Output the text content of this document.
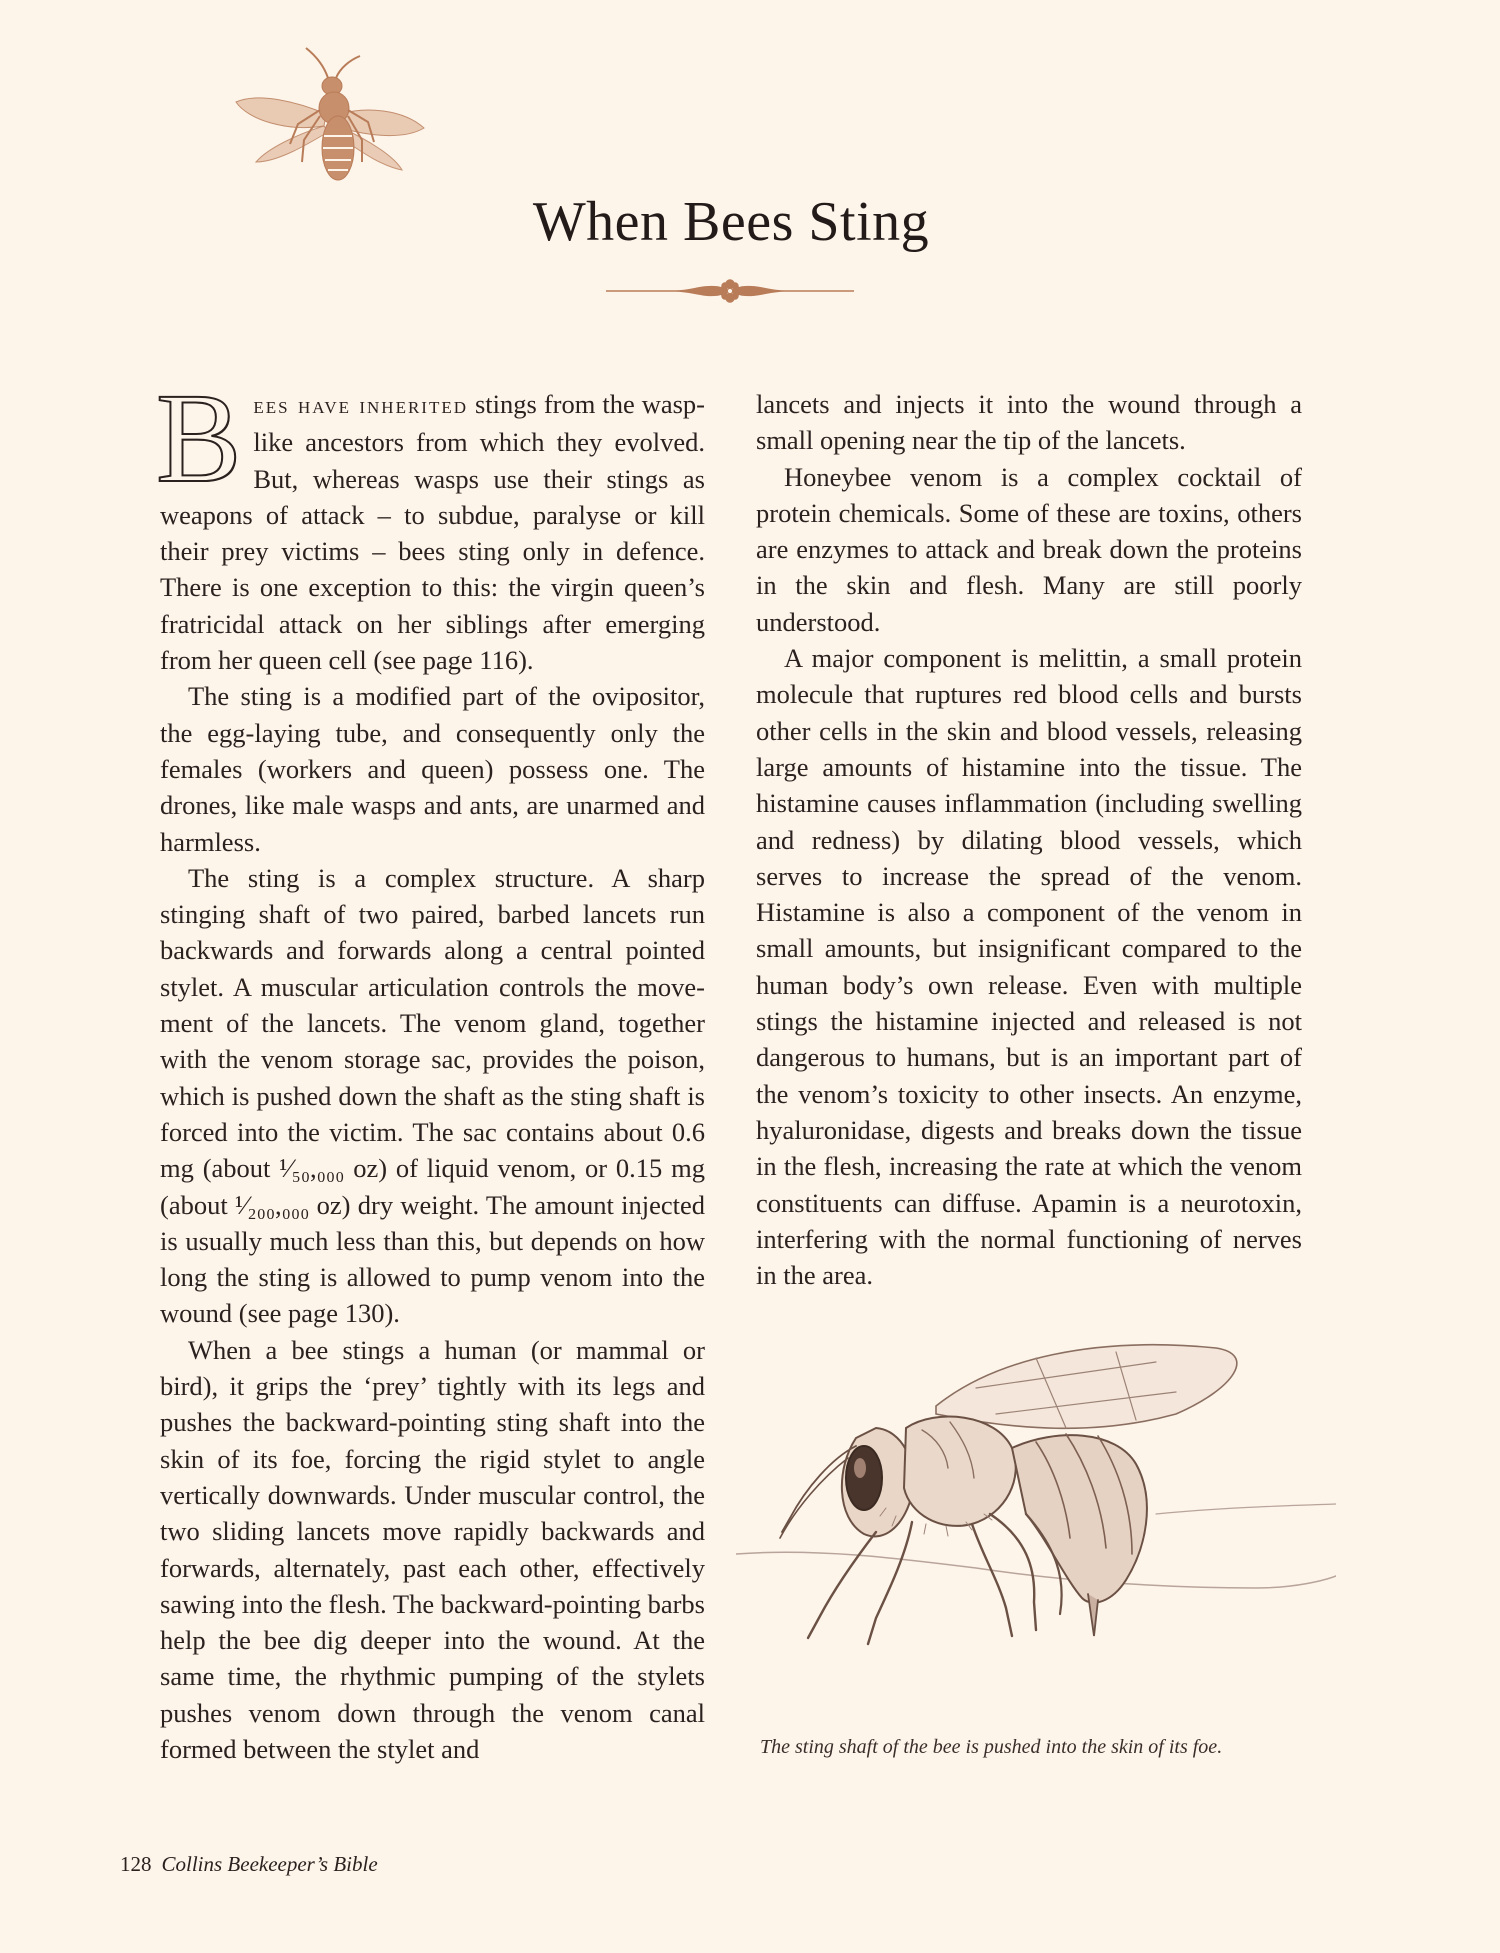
When Bees Sting

Bees have inherited stings from the wasp-like ancestors from which they evolved. But, whereas wasps use their stings as weapons of attack – to subdue, paralyse or kill their prey victims – bees sting only in defence. There is one exception to this: the virgin queen’s fratricidal attack on her siblings after emerging from her queen cell (see page 116).

The sting is a modified part of the ovipositor, the egg-laying tube, and consequently only the females (workers and queen) possess one. The drones, like male wasps and ants, are unarmed and harmless.

The sting is a complex structure. A sharp stinging shaft of two paired, barbed lancets run backwards and forwards along a central pointed stylet. A muscular articulation controls the movement of the lancets. The venom gland, together with the venom storage sac, provides the poison, which is pushed down the shaft as the sting shaft is forced into the victim. The sac contains about 0.6 mg (about ¹⁄₅₀,₀₀₀ oz) of liquid venom, or 0.15 mg (about ¹⁄₂₀₀,₀₀₀ oz) dry weight. The amount injected is usually much less than this, but depends on how long the sting is allowed to pump venom into the wound (see page 130).

When a bee stings a human (or mammal or bird), it grips the ‘prey’ tightly with its legs and pushes the backward-pointing sting shaft into the skin of its foe, forcing the rigid stylet to angle vertically downwards. Under muscular control, the two sliding lancets move rapidly backwards and forwards, alternately, past each other, effectively sawing into the flesh. The backward-pointing barbs help the bee dig deeper into the wound. At the same time, the rhythmic pumping of the stylets pushes venom down through the venom canal formed between the stylet and

lancets and injects it into the wound through a small opening near the tip of the lancets.

Honeybee venom is a complex cocktail of protein chemicals. Some of these are toxins, others are enzymes to attack and break down the proteins in the skin and flesh. Many are still poorly understood.

A major component is melittin, a small protein molecule that ruptures red blood cells and bursts other cells in the skin and blood vessels, releasing large amounts of histamine into the tissue. The histamine causes inflammation (including swelling and redness) by dilating blood vessels, which serves to increase the spread of the venom. Histamine is also a component of the venom in small amounts, but insignificant compared to the human body’s own release. Even with multiple stings the histamine injected and released is not dangerous to humans, but is an important part of the venom’s toxicity to other insects. An enzyme, hyaluronidase, digests and breaks down the tissue in the flesh, increasing the rate at which the venom constituents can diffuse. Apamin is a neurotoxin, interfering with the normal functioning of nerves in the area.

The sting shaft of the bee is pushed into the skin of its foe.
128 Collins Beekeeper’s Bible
